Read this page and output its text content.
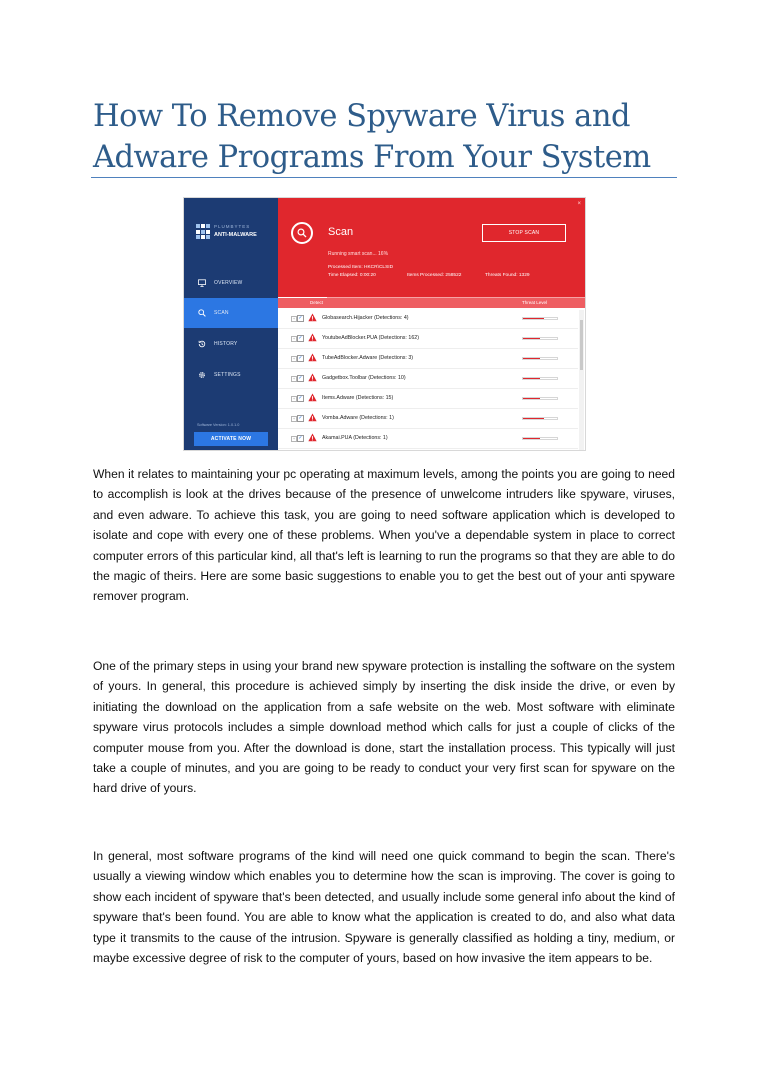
How To Remove Spyware Virus and Adware Programs From Your System
PLUMBYTES
ANTI-MALWARE
OVERVIEW
SCAN
HISTORY
SETTINGS
Software Version: 1.0.1.0
ACTIVATE NOW
×
Scan	STOP SCAN
Running smart scan... 16%
Processed Item: HKCR\CLSID
Time Elapsed: 0:00:20	Items Processed: 258522	Threats Found: 1329
Detect	Threat Level
+ ✓	Globasearch.Hijacker (Detections: 4)
+ ✓	YoutubeAdBlocker.PUA (Detections: 162)
+ ✓	TubeAdBlocker.Adware (Detections: 3)
+ ✓	Gadgetbox.Toolbar (Detections: 10)
+ ✓	Items.Adware (Detections: 15)
+ ✓	Vomba.Adware (Detections: 1)
+ ✓	Akamai.PUA (Detections: 1)

When it relates to maintaining your pc operating at maximum levels, among the points you are going to need to accomplish is look at the drives because of the presence of unwelcome intruders like spyware, viruses, and even adware. To achieve this task, you are going to need software application which is developed to isolate and cope with every one of these problems. When you've a dependable system in place to correct computer errors of this particular kind, all that's left is learning to run the programs so that they are able to do the magic of theirs. Here are some basic suggestions to enable you to get the best out of your anti spyware remover program.

One of the primary steps in using your brand new spyware protection is installing the software on the system of yours. In general, this procedure is achieved simply by inserting the disk inside the drive, or even by initiating the download on the application from a safe website on the web. Most software with eliminate spyware virus protocols includes a simple download method which calls for just a couple of clicks of the computer mouse from you. After the download is done, start the installation process. This typically will just take a couple of minutes, and you are going to be ready to conduct your very first scan for spyware on the hard drive of yours.

In general, most software programs of the kind will need one quick command to begin the scan. There's usually a viewing window which enables you to determine how the scan is improving. The cover is going to show each incident of spyware that's been detected, and usually include some general info about the kind of spyware that's been found. You are able to know what the application is created to do, and also what data type it transmits to the cause of the intrusion. Spyware is generally classified as holding a tiny, medium, or maybe excessive degree of risk to the computer of yours, based on how invasive the item appears to be.
